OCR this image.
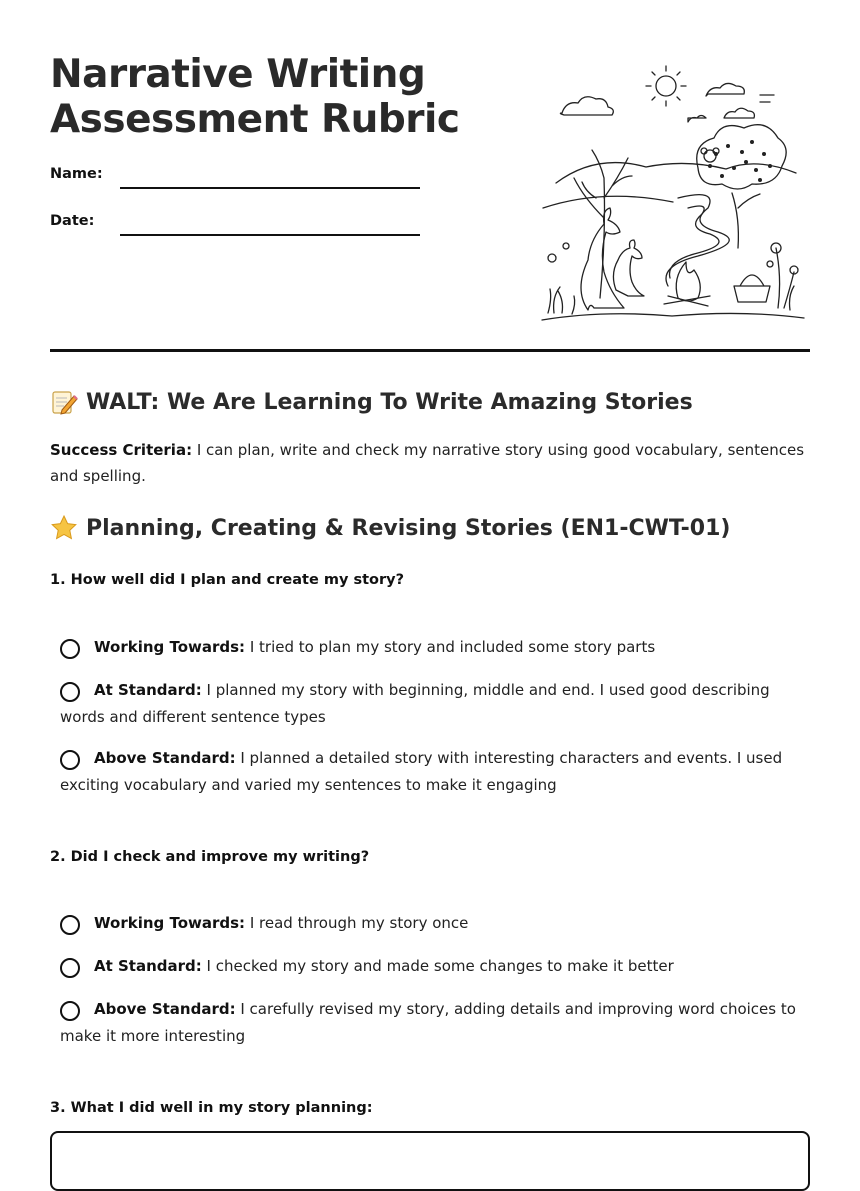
Narrative Writing Assessment Rubric
Name:
Date:
WALT: We Are Learning To Write Amazing Stories
Success Criteria: I can plan, write and check my narrative story using good vocabulary, sentences and spelling.
Planning, Creating & Revising Stories (EN1-CWT-01)
1. How well did I plan and create my story?
Working Towards: I tried to plan my story and included some story parts
At Standard: I planned my story with beginning, middle and end. I used good describing words and different sentence types
Above Standard: I planned a detailed story with interesting characters and events. I used exciting vocabulary and varied my sentences to make it engaging
2. Did I check and improve my writing?
Working Towards: I read through my story once
At Standard: I checked my story and made some changes to make it better
Above Standard: I carefully revised my story, adding details and improving word choices to make it more interesting
3. What I did well in my story planning:
